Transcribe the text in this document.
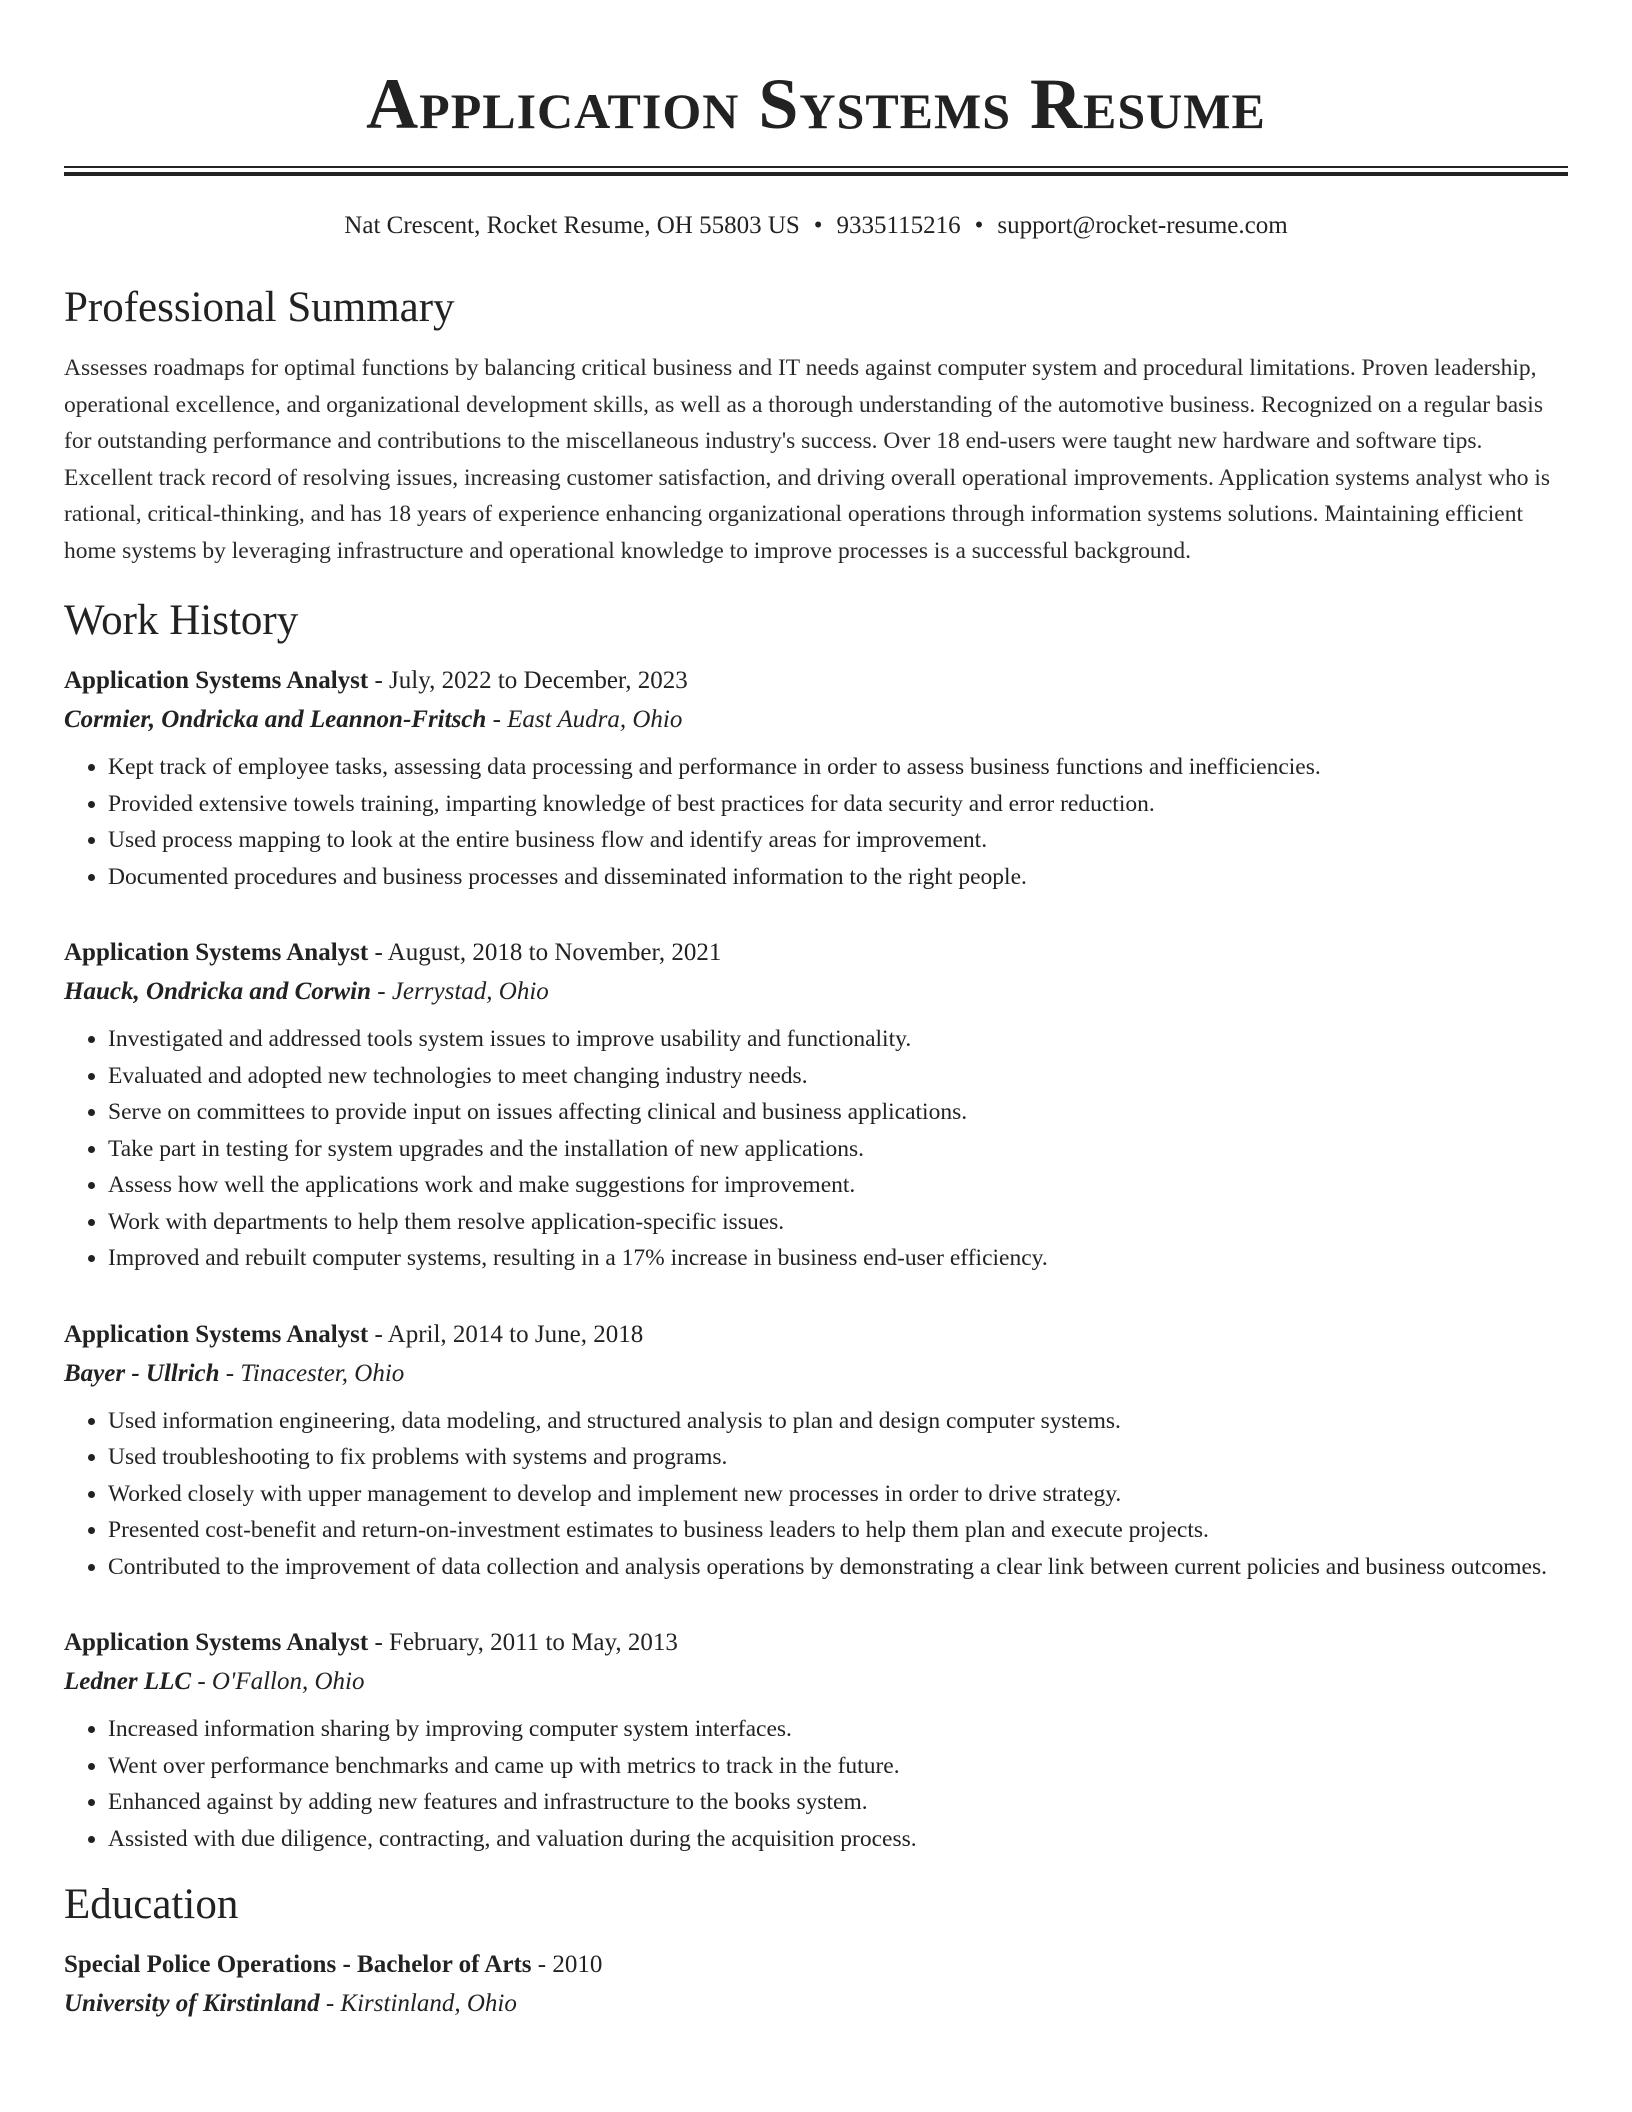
Application Systems Resume
Nat Crescent, Rocket Resume, OH 55803 US • 9335115216 • support@rocket-resume.com
Professional Summary
Assesses roadmaps for optimal functions by balancing critical business and IT needs against computer system and procedural limitations. Proven leadership, operational excellence, and organizational development skills, as well as a thorough understanding of the automotive business. Recognized on a regular basis for outstanding performance and contributions to the miscellaneous industry's success. Over 18 end-users were taught new hardware and software tips. Excellent track record of resolving issues, increasing customer satisfaction, and driving overall operational improvements. Application systems analyst who is rational, critical-thinking, and has 18 years of experience enhancing organizational operations through information systems solutions. Maintaining efficient home systems by leveraging infrastructure and operational knowledge to improve processes is a successful background.
Work History
Application Systems Analyst - July, 2022 to December, 2023
Cormier, Ondricka and Leannon-Fritsch - East Audra, Ohio
• Kept track of employee tasks, assessing data processing and performance in order to assess business functions and inefficiencies.
• Provided extensive towels training, imparting knowledge of best practices for data security and error reduction.
• Used process mapping to look at the entire business flow and identify areas for improvement.
• Documented procedures and business processes and disseminated information to the right people.
Application Systems Analyst - August, 2018 to November, 2021
Hauck, Ondricka and Corwin - Jerrystad, Ohio
• Investigated and addressed tools system issues to improve usability and functionality.
• Evaluated and adopted new technologies to meet changing industry needs.
• Serve on committees to provide input on issues affecting clinical and business applications.
• Take part in testing for system upgrades and the installation of new applications.
• Assess how well the applications work and make suggestions for improvement.
• Work with departments to help them resolve application-specific issues.
• Improved and rebuilt computer systems, resulting in a 17% increase in business end-user efficiency.
Application Systems Analyst - April, 2014 to June, 2018
Bayer - Ullrich - Tinacester, Ohio
• Used information engineering, data modeling, and structured analysis to plan and design computer systems.
• Used troubleshooting to fix problems with systems and programs.
• Worked closely with upper management to develop and implement new processes in order to drive strategy.
• Presented cost-benefit and return-on-investment estimates to business leaders to help them plan and execute projects.
• Contributed to the improvement of data collection and analysis operations by demonstrating a clear link between current policies and business outcomes.
Application Systems Analyst - February, 2011 to May, 2013
Ledner LLC - O'Fallon, Ohio
• Increased information sharing by improving computer system interfaces.
• Went over performance benchmarks and came up with metrics to track in the future.
• Enhanced against by adding new features and infrastructure to the books system.
• Assisted with due diligence, contracting, and valuation during the acquisition process.
Education
Special Police Operations - Bachelor of Arts - 2010
University of Kirstinland - Kirstinland, Ohio
